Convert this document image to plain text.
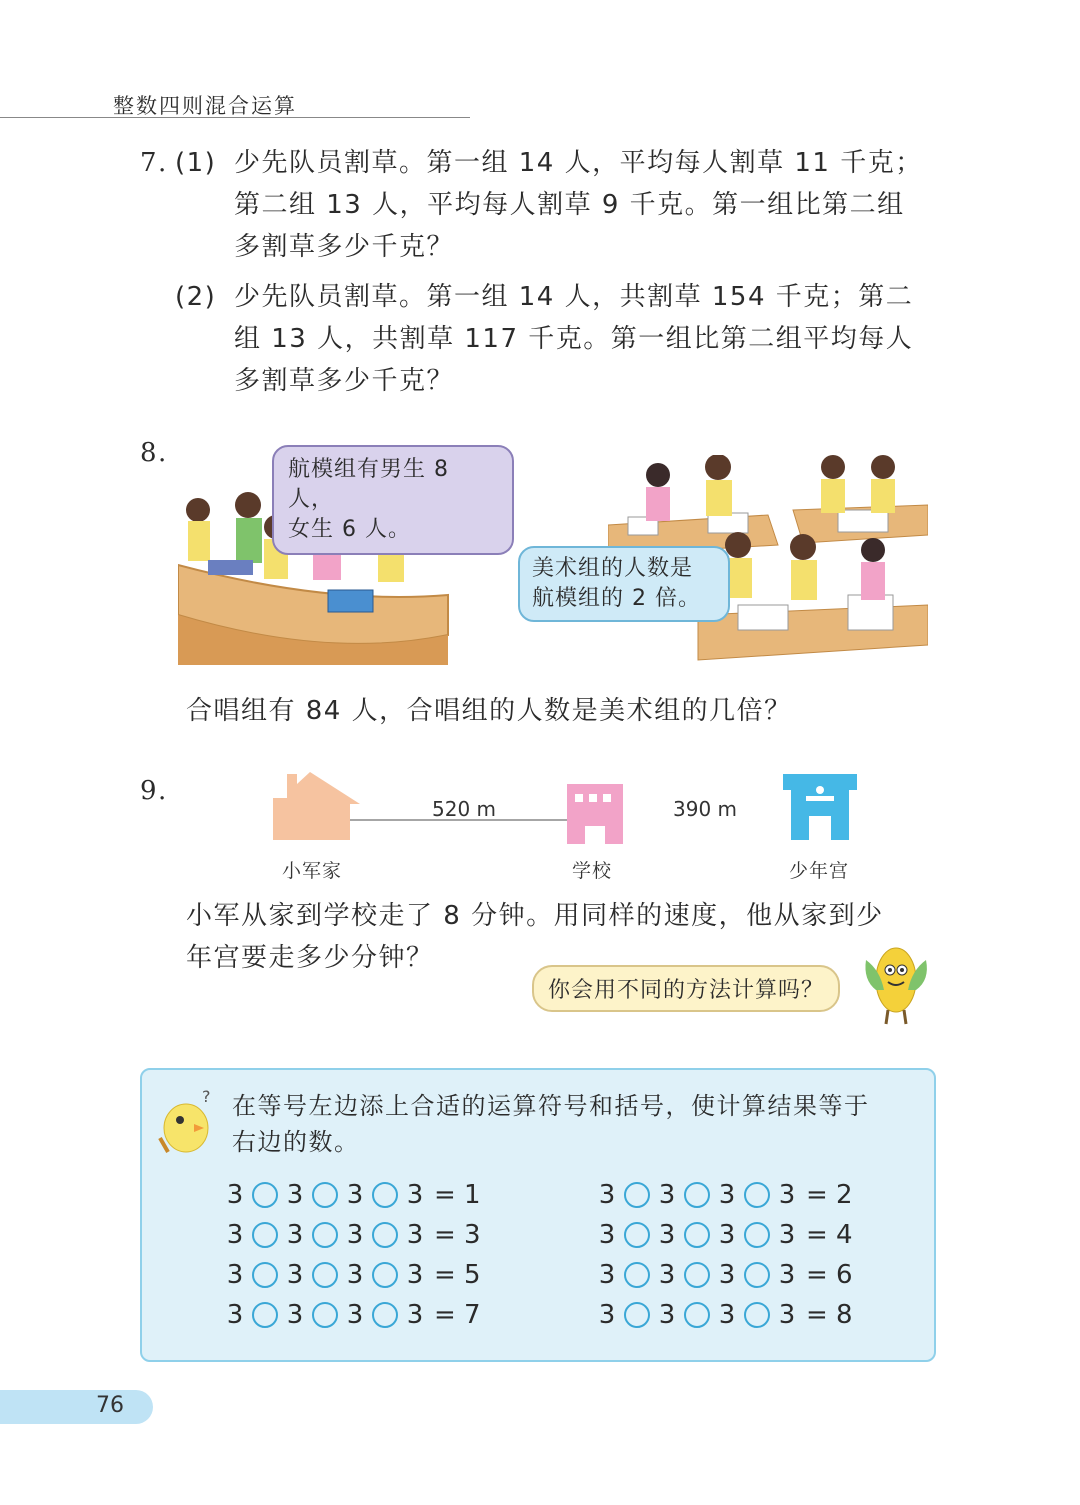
整数四则混合运算
7. (1) 少先队员割草。第一组 14 人，平均每人割草 11 千克；
第二组 13 人，平均每人割草 9 千克。第一组比第二组
多割草多少千克？
(2) 少先队员割草。第一组 14 人，共割草 154 千克；第二
组 13 人，共割草 117 千克。第一组比第二组平均每人
多割草多少千克？
8.
航模组有男生 8 人，
女生 6 人。
美术组的人数是
航模组的 2 倍。
合唱组有 84 人，合唱组的人数是美术组的几倍？
9.
520 m	390 m
小军家	学校	少年宫
小军从家到学校走了 8 分钟。用同样的速度，他从家到少
年宫要走多少分钟？
你会用不同的方法计算吗？
? 在等号左边添上合适的运算符号和括号，使计算结果等于
右边的数。
3 3 3 3 = 1
3 3 3 3 = 3
3 3 3 3 = 5
3 3 3 3 = 7
3 3 3 3 = 2
3 3 3 3 = 4
3 3 3 3 = 6
3 3 3 3 = 8
76
